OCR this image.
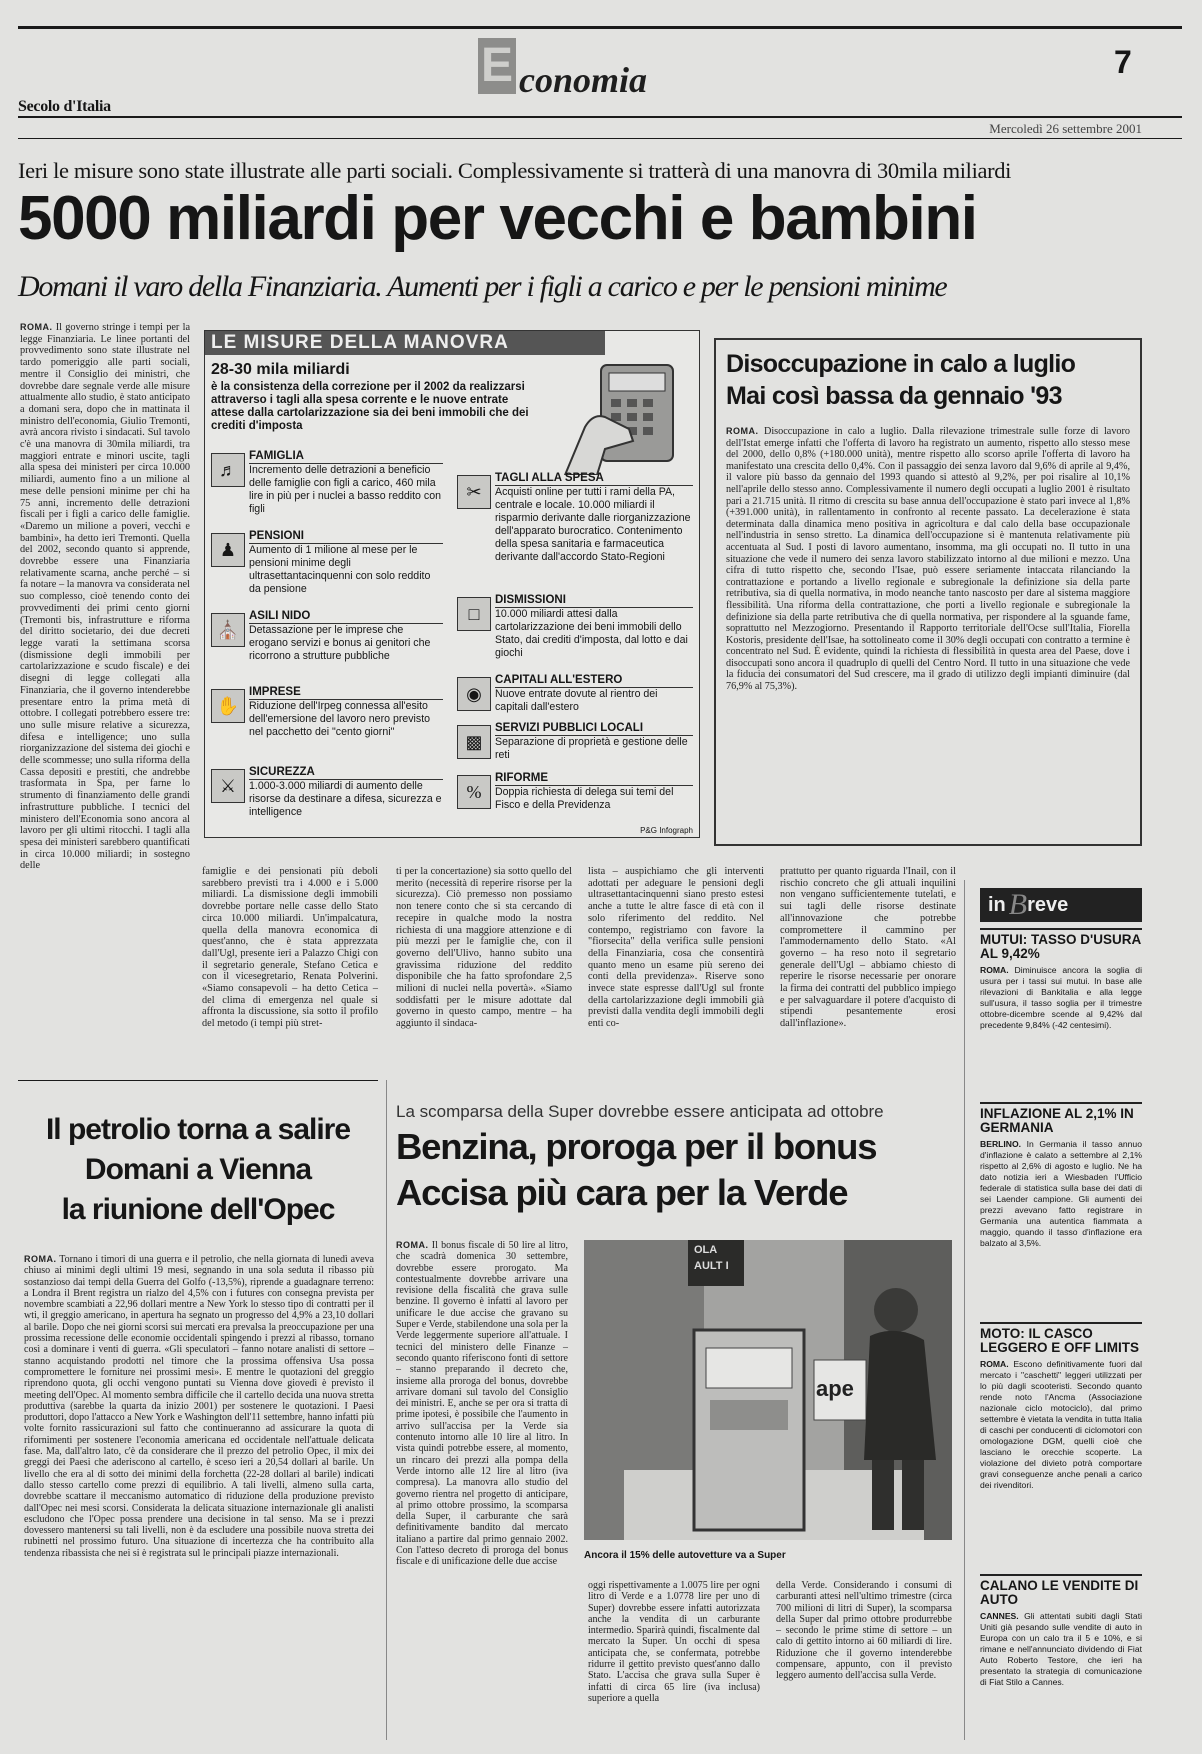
E conomia	7
Secolo d'Italia
Mercoledì 26 settembre 2001
Ieri le misure sono state illustrate alle parti sociali. Complessivamente si tratterà di una manovra di 30mila miliardi
5000 miliardi per vecchi e bambini
Domani il varo della Finanziaria. Aumenti per i figli a carico e per le pensioni minime

ROMA. Il governo stringe i tempi per la legge Finanziaria. Le linee portanti del provvedimento sono state illustrate nel tardo pomeriggio alle parti sociali, mentre il Consiglio dei ministri, che dovrebbe dare segnale verde alle misure attualmente allo studio, è stato anticipato a domani sera, dopo che in mattinata il ministro dell'economia, Giulio Tremonti, avrà ancora rivisto i sindacati. Sul tavolo c'è una manovra di 30mila miliardi, tra maggiori entrate e minori uscite, tagli alla spesa dei ministeri per circa 10.000 miliardi, aumento fino a un milione al mese delle pensioni minime per chi ha 75 anni, incremento delle detrazioni fiscali per i figli a carico delle famiglie. «Daremo un milione a poveri, vecchi e bambini», ha detto ieri Tremonti. Quella del 2002, secondo quanto si apprende, dovrebbe essere una Finanziaria relativamente scarna, anche perché – si fa notare – la manovra va considerata nel suo complesso, cioè tenendo conto dei provvedimenti dei primi cento giorni (Tremonti bis, infrastrutture e riforma del diritto societario, dei due decreti legge varati la settimana scorsa (dismissione degli immobili per cartolarizzazione e scudo fiscale) e dei disegni di legge collegati alla Finanziaria, che il governo intenderebbe presentare entro la prima metà di ottobre. I collegati potrebbero essere tre: uno sulle misure relative a sicurezza, difesa e intelligence; uno sulla riorganizzazione del sistema dei giochi e delle scommesse; uno sulla riforma della Cassa depositi e prestiti, che andrebbe trasformata in Spa, per farne lo strumento di finanziamento delle grandi infrastrutture pubbliche. I tecnici del ministero dell'Economia sono ancora al lavoro per gli ultimi ritocchi. I tagli alla spesa dei ministeri sarebbero quantificati in circa 10.000 miliardi; in sostegno delle

LE MISURE DELLA MANOVRA
28-30 mila miliardi
è la consistenza della correzione per il 2002 da realizzarsi attraverso i tagli alla spesa corrente e le nuove entrate attese dalla cartolarizzazione sia dei beni immobili che dei crediti d'imposta
♬
FAMIGLIA
Incremento delle detrazioni a beneficio delle famiglie con figli a carico, 460 mila lire in più per i nuclei a basso reddito con figli
♟
PENSIONI
Aumento di 1 milione al mese per le pensioni minime degli ultrasettantacinquenni con solo reddito da pensione
⛪
ASILI NIDO
Detassazione per le imprese che erogano servizi e bonus ai genitori che ricorrono a strutture pubbliche
✋
IMPRESE
Riduzione dell'Irpeg connessa all'esito dell'emersione del lavoro nero previsto nel pacchetto dei "cento giorni"
⚔
SICUREZZA
1.000-3.000 miliardi di aumento delle risorse da destinare a difesa, sicurezza e intelligence
✂
TAGLI ALLA SPESA
Acquisti online per tutti i rami della PA, centrale e locale. 10.000 miliardi il risparmio derivante dalle riorganizzazione dell'apparato burocratico. Contenimento della spesa sanitaria e farmaceutica derivante dall'accordo Stato-Regioni
□
DISMISSIONI
10.000 miliardi attesi dalla cartolarizzazione dei beni immobili dello Stato, dai crediti d'imposta, dal lotto e dai giochi
◉
CAPITALI ALL'ESTERO
Nuove entrate dovute al rientro dei capitali dall'estero
▩
SERVIZI PUBBLICI LOCALI
Separazione di proprietà e gestione delle reti
%
RIFORME
Doppia richiesta di delega sui temi del Fisco e della Previdenza
P&G Infograph
Disoccupazione in calo a luglio
Mai così bassa da gennaio '93

ROMA. Disoccupazione in calo a luglio. Dalla rilevazione trimestrale sulle forze di lavoro dell'Istat emerge infatti che l'offerta di lavoro ha registrato un aumento, rispetto allo stesso mese del 2000, dello 0,8% (+180.000 unità), mentre rispetto allo scorso aprile l'offerta di lavoro ha manifestato una crescita dello 0,4%. Con il passaggio dei senza lavoro dal 9,6% di aprile al 9,4%, il valore più basso da gennaio del 1993 quando si attestò al 9,2%, per poi risalire al 10,1% nell'aprile dello stesso anno. Complessivamente il numero degli occupati a luglio 2001 è risultato pari a 21.715 unità. Il ritmo di crescita su base annua dell'occupazione è stato pari invece al 1,8% (+391.000 unità), in rallentamento in confronto al recente passato. La decelerazione è stata determinata dalla dinamica meno positiva in agricoltura e dal calo della base occupazionale nell'industria in senso stretto. La dinamica dell'occupazione si è mantenuta relativamente più accentuata al Sud. I posti di lavoro aumentano, insomma, ma gli occupati no. Il tutto in una situazione che vede il numero dei senza lavoro stabilizzato intorno al due milioni e mezzo. Una cifra di tutto rispetto che, secondo l'Isae, può essere seriamente intaccata rilanciando la contrattazione e portando a livello regionale e subregionale la definizione sia della parte retributiva, sia di quella normativa, in modo neanche tanto nascosto per dare al sistema maggiore flessibilità. Una riforma della contrattazione, che porti a livello regionale e subregionale la definizione sia della parte retributiva che di quella normativa, per rispondere al la sguande fame, soprattutto nel Mezzogiorno. Presentando il Rapporto territoriale dell'Ocse sull'Italia, Fiorella Kostoris, presidente dell'Isae, ha sottolineato come il 30% degli occupati con contratto a termine è concentrato nel Sud. È evidente, quindi la richiesta di flessibilità in questa area del Paese, dove i disoccupati sono ancora il quadruplo di quelli del Centro Nord. Il tutto in una situazione che vede la fiducia dei consumatori del Sud crescere, ma il grado di utilizzo degli impianti diminuire (dal 76,9% al 75,3%).

famiglie e dei pensionati più deboli sarebbero previsti tra i 4.000 e i 5.000 miliardi. La dismissione degli immobili dovrebbe portare nelle casse dello Stato circa 10.000 miliardi. Un'impalcatura, quella della manovra economica di quest'anno, che è stata apprezzata dall'Ugl, presente ieri a Palazzo Chigi con il segretario generale, Stefano Cetica e con il vicesegretario, Renata Polverini. «Siamo consapevoli – ha detto Cetica – del clima di emergenza nel quale si affronta la discussione, sia sotto il profilo del metodo (i tempi più stret-
ti per la concertazione) sia sotto quello del merito (necessità di reperire risorse per la sicurezza). Ciò premesso non possiamo non tenere conto che si sta cercando di recepire in qualche modo la nostra richiesta di una maggiore attenzione e di più mezzi per le famiglie che, con il governo dell'Ulivo, hanno subito una gravissima riduzione del reddito disponibile che ha fatto sprofondare 2,5 milioni di nuclei nella povertà». «Siamo soddisfatti per le misure adottate dal governo in questo campo, mentre – ha aggiunto il sindaca-
lista – auspichiamo che gli interventi adottati per adeguare le pensioni degli ultrasettantacinquenni siano presto estesi anche a tutte le altre fasce di età con il solo riferimento del reddito. Nel contempo, registriamo con favore la "fiorsecita" della verifica sulle pensioni della Finanziaria, cosa che consentirà quanto meno un esame più sereno dei conti della previdenza». Riserve sono invece state espresse dall'Ugl sul fronte della cartolarizzazione degli immobili già previsti dalla vendita degli immobili degli enti co-
prattutto per quanto riguarda l'Inail, con il rischio concreto che gli attuali inquilini non vengano sufficientemente tutelati, e sui tagli delle risorse destinate all'innovazione che potrebbe compromettere il cammino per l'ammodernamento dello Stato. «Al governo – ha reso noto il segretario generale dell'Ugl – abbiamo chiesto di reperire le risorse necessarie per onorare la firma dei contratti del pubblico impiego e per salvaguardare il potere d'acquisto di stipendi pesantemente erosi dall'inflazione».
in B reve
MUTUI: TASSO D'USURA AL 9,42%
ROMA. Diminuisce ancora la soglia di usura per i tassi sui mutui. In base alle rilevazioni di Bankitalia e alla legge sull'usura, il tasso soglia per il trimestre ottobre-dicembre scende al 9,42% dal precedente 9,84% (-42 centesimi).
INFLAZIONE AL 2,1% IN GERMANIA
BERLINO. In Germania il tasso annuo d'inflazione è calato a settembre al 2,1% rispetto al 2,6% di agosto e luglio. Ne ha dato notizia ieri a Wiesbaden l'Ufficio federale di statistica sulla base dei dati di sei Laender campione. Gli aumenti dei prezzi avevano fatto registrare in Germania una autentica fiammata a maggio, quando il tasso d'inflazione era balzato al 3,5%.
MOTO: IL CASCO LEGGERO E OFF LIMITS
ROMA. Escono definitivamente fuori dal mercato i "caschetti" leggeri utilizzati per lo più dagli scooteristi. Secondo quanto rende noto l'Ancma (Associazione nazionale ciclo motociclo), dal primo settembre è vietata la vendita in tutta Italia di caschi per conducenti di ciclomotori con omologazione DGM, quelli cioè che lasciano le orecchie scoperte. La violazione del divieto potrà comportare gravi conseguenze anche penali a carico dei rivenditori.
CALANO LE VENDITE DI AUTO
CANNES. Gli attentati subiti dagli Stati Uniti già pesando sulle vendite di auto in Europa con un calo tra il 5 e 10%, e si rimane e nell'annunciato dividendo di Fiat Auto Roberto Testore, che ieri ha presentato la strategia di comunicazione di Fiat Stilo a Cannes.
Il petrolio torna a salire
Domani a Vienna
la riunione dell'Opec

ROMA. Tornano i timori di una guerra e il petrolio, che nella giornata di lunedì aveva chiuso ai minimi degli ultimi 19 mesi, segnando in una sola seduta il ribasso più sostanzioso dai tempi della Guerra del Golfo (-13,5%), riprende a guadagnare terreno: a Londra il Brent registra un rialzo del 4,5% con i futures con consegna prevista per novembre scambiati a 22,96 dollari mentre a New York lo stesso tipo di contratti per il wti, il greggio americano, in apertura ha segnato un progresso del 4,9% a 23,10 dollari al barile. Dopo che nei giorni scorsi sui mercati era prevalsa la preoccupazione per una prossima recessione delle economie occidentali spingendo i prezzi al ribasso, tornano così a dominare i venti di guerra. «Gli speculatori – fanno notare analisti di settore – stanno acquistando prodotti nel timore che la prossima offensiva Usa possa compromettere le forniture nei prossimi mesi». E mentre le quotazioni del greggio riprendono quota, gli occhi vengono puntati su Vienna dove giovedì è previsto il meeting dell'Opec. Al momento sembra difficile che il cartello decida una nuova stretta produttiva (sarebbe la quarta da inizio 2001) per sostenere le quotazioni. I Paesi produttori, dopo l'attacco a New York e Washington dell'11 settembre, hanno infatti più volte fornito rassicurazioni sul fatto che continueranno ad assicurare la quota di rifornimenti per sostenere l'economia americana ed occidentale nell'attuale delicata fase. Ma, dall'altro lato, c'è da considerare che il prezzo del petrolio Opec, il mix dei greggi dei Paesi che aderiscono al cartello, è sceso ieri a 20,54 dollari al barile. Un livello che era al di sotto dei minimi della forchetta (22-28 dollari al barile) indicati dallo stesso cartello come prezzi di equilibrio. A tali livelli, almeno sulla carta, dovrebbe scattare il meccanismo automatico di riduzione della produzione previsto dall'Opec nei mesi scorsi. Considerata la delicata situazione internazionale gli analisti escludono che l'Opec possa prendere una decisione in tal senso. Ma se i prezzi dovessero mantenersi su tali livelli, non è da escludere una possibile nuova stretta dei rubinetti nel prossimo futuro. Una situazione di incertezza che ha contribuito alla tendenza ribassista che nei si è registrata sul le principali piazze internazionali.

La scomparsa della Super dovrebbe essere anticipata ad ottobre
Benzina, proroga per il bonus
Accisa più cara per la Verde

ROMA. Il bonus fiscale di 50 lire al litro, che scadrà domenica 30 settembre, dovrebbe essere prorogato. Ma contestualmente dovrebbe arrivare una revisione della fiscalità che grava sulle benzine. Il governo è infatti al lavoro per unificare le due accise che gravano su Super e Verde, stabilendone una sola per la Verde leggermente superiore all'attuale. I tecnici del ministero delle Finanze – secondo quanto riferiscono fonti di settore – stanno preparando il decreto che, insieme alla proroga del bonus, dovrebbe arrivare domani sul tavolo del Consiglio dei ministri. E, anche se per ora si tratta di prime ipotesi, è possibile che l'aumento in arrivo sull'accisa per la Verde sia contenuto intorno alle 10 lire al litro. In vista quindi potrebbe essere, al momento, un rincaro dei prezzi alla pompa della Verde intorno alle 12 lire al litro (iva compresa). La manovra allo studio del governo rientra nel progetto di anticipare, al primo ottobre prossimo, la scomparsa della Super, il carburante che sarà definitivamente bandito dal mercato italiano a partire dal primo gennaio 2002. Con l'atteso decreto di proroga del bonus fiscale e di unificazione delle due accise

OLA
AULT I
ape
Ancora il 15% delle autovetture va a Super
oggi rispettivamente a 1.0075 lire per ogni litro di Verde e a 1.0778 lire per uno di Super) dovrebbe essere infatti autorizzata anche la vendita di un carburante intermedio. Sparirà quindi, fiscalmente dal mercato la Super. Un occhi di spesa anticipata che, se confermata, potrebbe ridurre il gettito previsto quest'anno dallo Stato. L'accisa che grava sulla Super è infatti di circa 65 lire (iva inclusa) superiore a quella
della Verde. Considerando i consumi di carburanti attesi nell'ultimo trimestre (circa 700 milioni di litri di Super), la scomparsa della Super dal primo ottobre produrrebbe – secondo le prime stime di settore – un calo di gettito intorno ai 60 miliardi di lire. Riduzione che il governo intenderebbe compensare, appunto, con il previsto leggero aumento dell'accisa sulla Verde.
